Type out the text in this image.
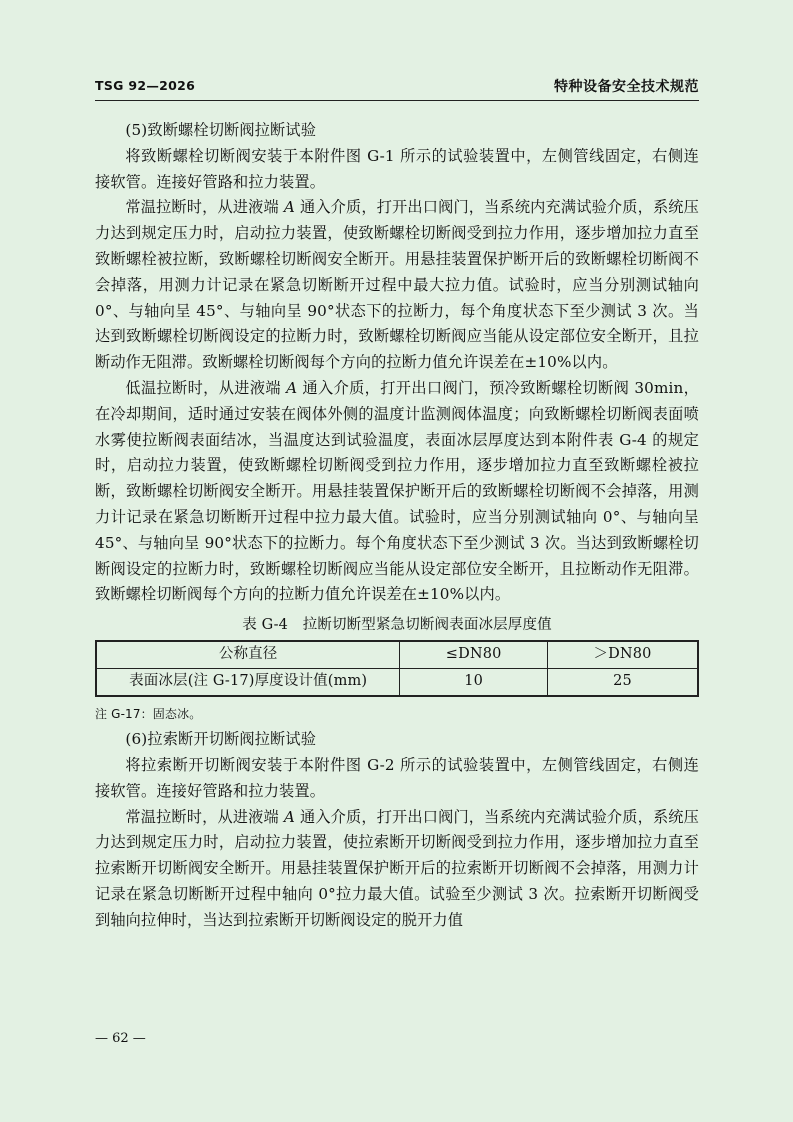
TSG 92—2026	特种设备安全技术规范

(5)致断螺栓切断阀拉断试验

将致断螺栓切断阀安装于本附件图 G-1 所示的试验装置中，左侧管线固定，右侧连接软管。连接好管路和拉力装置。

常温拉断时，从进液端 A 通入介质，打开出口阀门，当系统内充满试验介质，系统压力达到规定压力时，启动拉力装置，使致断螺栓切断阀受到拉力作用，逐步增加拉力直至致断螺栓被拉断，致断螺栓切断阀安全断开。用悬挂装置保护断开后的致断螺栓切断阀不会掉落，用测力计记录在紧急切断断开过程中最大拉力值。试验时，应当分别测试轴向 0°、与轴向呈 45°、与轴向呈 90°状态下的拉断力，每个角度状态下至少测试 3 次。当达到致断螺栓切断阀设定的拉断力时，致断螺栓切断阀应当能从设定部位安全断开，且拉断动作无阻滞。致断螺栓切断阀每个方向的拉断力值允许误差在±10%以内。

低温拉断时，从进液端 A 通入介质，打开出口阀门，预冷致断螺栓切断阀 30min，在冷却期间，适时通过安装在阀体外侧的温度计监测阀体温度；向致断螺栓切断阀表面喷水雾使拉断阀表面结冰，当温度达到试验温度，表面冰层厚度达到本附件表 G-4 的规定时，启动拉力装置，使致断螺栓切断阀受到拉力作用，逐步增加拉力直至致断螺栓被拉断，致断螺栓切断阀安全断开。用悬挂装置保护断开后的致断螺栓切断阀不会掉落，用测力计记录在紧急切断断开过程中拉力最大值。试验时，应当分别测试轴向 0°、与轴向呈 45°、与轴向呈 90°状态下的拉断力。每个角度状态下至少测试 3 次。当达到致断螺栓切断阀设定的拉断力时，致断螺栓切断阀应当能从设定部位安全断开，且拉断动作无阻滞。致断螺栓切断阀每个方向的拉断力值允许误差在±10%以内。

表 G-4　拉断切断型紧急切断阀表面冰层厚度值
公称直径	≤DN80	＞DN80
表面冰层(注 G-17)厚度设计值(mm)	10	25
注 G-17：固态冰。

(6)拉索断开切断阀拉断试验

将拉索断开切断阀安装于本附件图 G-2 所示的试验装置中，左侧管线固定，右侧连接软管。连接好管路和拉力装置。

常温拉断时，从进液端 A 通入介质，打开出口阀门，当系统内充满试验介质，系统压力达到规定压力时，启动拉力装置，使拉索断开切断阀受到拉力作用，逐步增加拉力直至拉索断开切断阀安全断开。用悬挂装置保护断开后的拉索断开切断阀不会掉落，用测力计记录在紧急切断断开过程中轴向 0°拉力最大值。试验至少测试 3 次。拉索断开切断阀受到轴向拉伸时，当达到拉索断开切断阀设定的脱开力值

— 62 —
